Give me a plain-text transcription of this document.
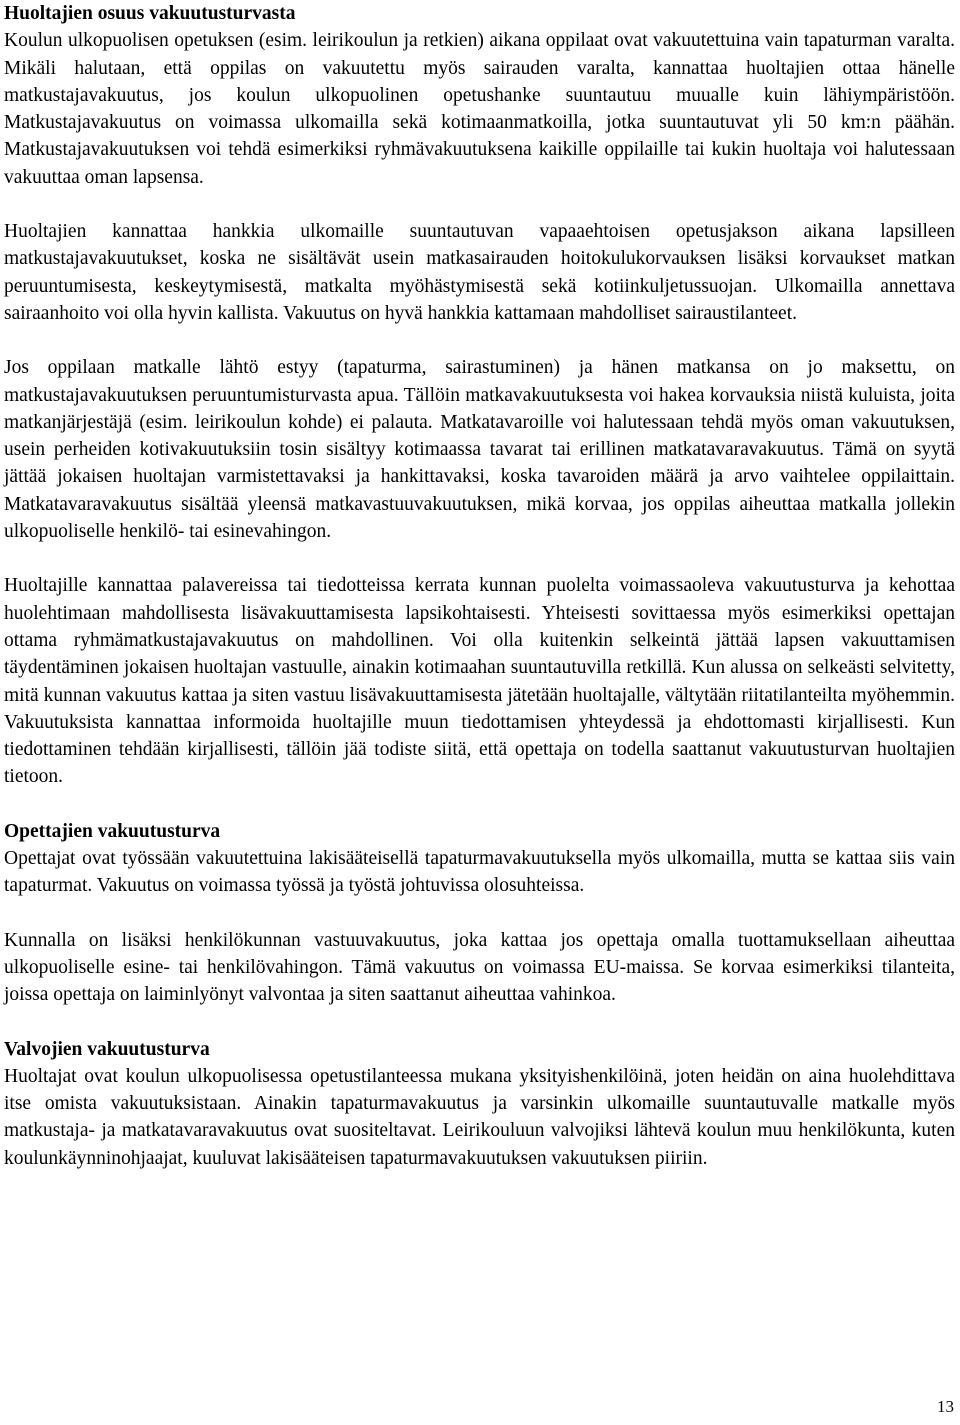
Huoltajien osuus vakuutusturvasta

Koulun ulkopuolisen opetuksen (esim. leirikoulun ja retkien) aikana oppilaat ovat vakuutettuina vain tapaturman varalta. Mikäli halutaan, että oppilas on vakuutettu myös sairauden varalta, kannattaa huoltajien ottaa hänelle matkustajavakuutus, jos koulun ulkopuolinen opetushanke suuntautuu muualle kuin lähiympäristöön. Matkustajavakuutus on voimassa ulkomailla sekä kotimaanmatkoilla, jotka suuntautuvat yli 50 km:n päähän. Matkustajavakuutuksen voi tehdä esimerkiksi ryhmävakuutuksena kaikille oppilaille tai kukin huoltaja voi halutessaan vakuuttaa oman lapsensa.

Huoltajien kannattaa hankkia ulkomaille suuntautuvan vapaaehtoisen opetusjakson aikana lapsilleen matkustajavakuutukset, koska ne sisältävät usein matkasairauden hoitokulukorvauksen lisäksi korvaukset matkan peruuntumisesta, keskeytymisestä, matkalta myöhästymisestä sekä kotiinkuljetussuojan. Ulkomailla annettava sairaanhoito voi olla hyvin kallista. Vakuutus on hyvä hankkia kattamaan mahdolliset sairaustilanteet.

Jos oppilaan matkalle lähtö estyy (tapaturma, sairastuminen) ja hänen matkansa on jo maksettu, on matkustajavakuutuksen peruuntumisturvasta apua. Tällöin matkavakuutuksesta voi hakea korvauksia niistä kuluista, joita matkanjärjestäjä (esim. leirikoulun kohde) ei palauta. Matkatavaroille voi halutessaan tehdä myös oman vakuutuksen, usein perheiden kotivakuutuksiin tosin sisältyy kotimaassa tavarat tai erillinen matkatavaravakuutus. Tämä on syytä jättää jokaisen huoltajan varmistettavaksi ja hankittavaksi, koska tavaroiden määrä ja arvo vaihtelee oppilaittain. Matkatavaravakuutus sisältää yleensä matkavastuuvakuutuksen, mikä korvaa, jos oppilas aiheuttaa matkalla jollekin ulkopuoliselle henkilö- tai esinevahingon.

Huoltajille kannattaa palavereissa tai tiedotteissa kerrata kunnan puolelta voimassaoleva vakuutusturva ja kehottaa huolehtimaan mahdollisesta lisävakuuttamisesta lapsikohtaisesti. Yhteisesti sovittaessa myös esimerkiksi opettajan ottama ryhmämatkustajavakuutus on mahdollinen. Voi olla kuitenkin selkeintä jättää lapsen vakuuttamisen täydentäminen jokaisen huoltajan vastuulle, ainakin kotimaahan suuntautuvilla retkillä. Kun alussa on selkeästi selvitetty, mitä kunnan vakuutus kattaa ja siten vastuu lisävakuuttamisesta jätetään huoltajalle, vältytään riitatilanteilta myöhemmin. Vakuutuksista kannattaa informoida huoltajille muun tiedottamisen yhteydessä ja ehdottomasti kirjallisesti. Kun tiedottaminen tehdään kirjallisesti, tällöin jää todiste siitä, että opettaja on todella saattanut vakuutusturvan huoltajien tietoon.

Opettajien vakuutusturva

Opettajat ovat työssään vakuutettuina lakisääteisellä tapaturmavakuutuksella myös ulkomailla, mutta se kattaa siis vain tapaturmat. Vakuutus on voimassa työssä ja työstä johtuvissa olosuhteissa.

Kunnalla on lisäksi henkilökunnan vastuuvakuutus, joka kattaa jos opettaja omalla tuottamuksellaan aiheuttaa ulkopuoliselle esine- tai henkilövahingon. Tämä vakuutus on voimassa EU-maissa. Se korvaa esimerkiksi tilanteita, joissa opettaja on laiminlyönyt valvontaa ja siten saattanut aiheuttaa vahinkoa.

Valvojien vakuutusturva

Huoltajat ovat koulun ulkopuolisessa opetustilanteessa mukana yksityishenkilöinä, joten heidän on aina huolehdittava itse omista vakuutuksistaan. Ainakin tapaturmavakuutus ja varsinkin ulkomaille suuntautuvalle matkalle myös matkustaja- ja matkatavaravakuutus ovat suositeltavat. Leirikouluun valvojiksi lähtevä koulun muu henkilökunta, kuten koulunkäynninohjaajat, kuuluvat lakisääteisen tapaturmavakuutuksen vakuutuksen piiriin.

13
